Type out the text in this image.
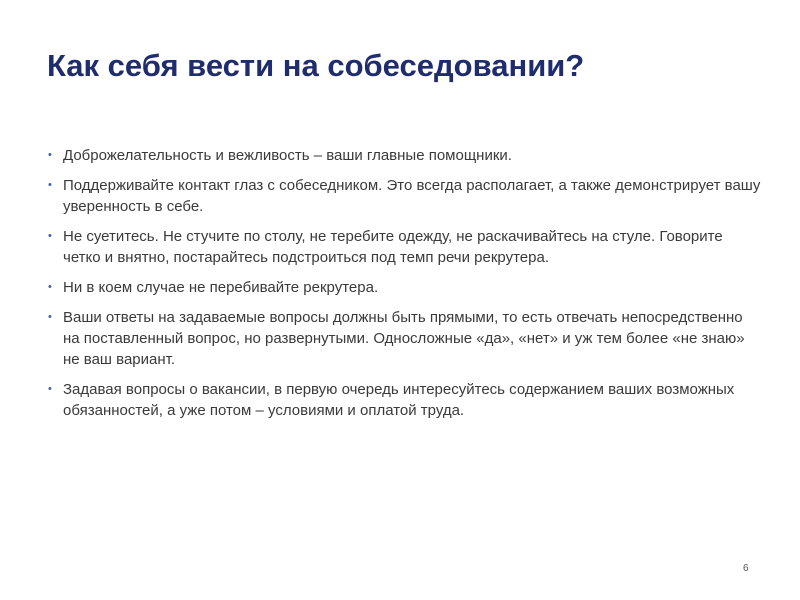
Как себя вести на собеседовании?
• Доброжелательность и вежливость – ваши главные помощники.
• Поддерживайте контакт глаз с собеседником. Это всегда располагает, а также демонстрирует вашу уверенность в себе.
• Не суетитесь. Не стучите по столу, не теребите одежду, не раскачивайтесь на стуле. Говорите четко и внятно, постарайтесь подстроиться под темп речи рекрутера.
• Ни в коем случае не перебивайте рекрутера.
• Ваши ответы на задаваемые вопросы должны быть прямыми, то есть отвечать непосредственно на поставленный вопрос, но развернутыми. Односложные «да», «нет» и уж тем более «не знаю» не ваш вариант.
• Задавая вопросы о вакансии, в первую очередь интересуйтесь содержанием ваших возможных обязанностей, а уже потом – условиями и оплатой труда.
6
